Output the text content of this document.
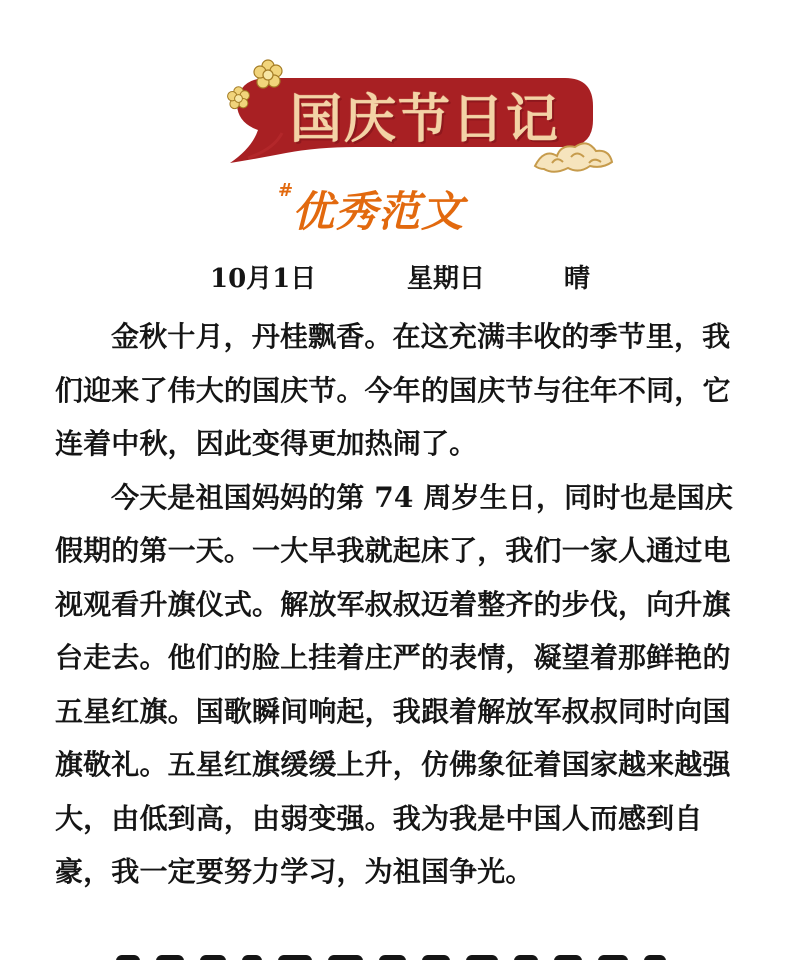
国庆节日记
#
优秀范文
10月1日	星期日	晴

金秋十月，丹桂飘香。在这充满丰收的季节里，我们迎来了伟大的国庆节。今年的国庆节与往年不同，它连着中秋，因此变得更加热闹了。

今天是祖国妈妈的第 74 周岁生日，同时也是国庆假期的第一天。一大早我就起床了，我们一家人通过电视观看升旗仪式。解放军叔叔迈着整齐的步伐，向升旗台走去。他们的脸上挂着庄严的表情，凝望着那鲜艳的五星红旗。国歌瞬间响起，我跟着解放军叔叔同时向国旗敬礼。五星红旗缓缓上升，仿佛象征着国家越来越强大，由低到高，由弱变强。我为我是中国人而感到自豪，我一定要努力学习，为祖国争光。
